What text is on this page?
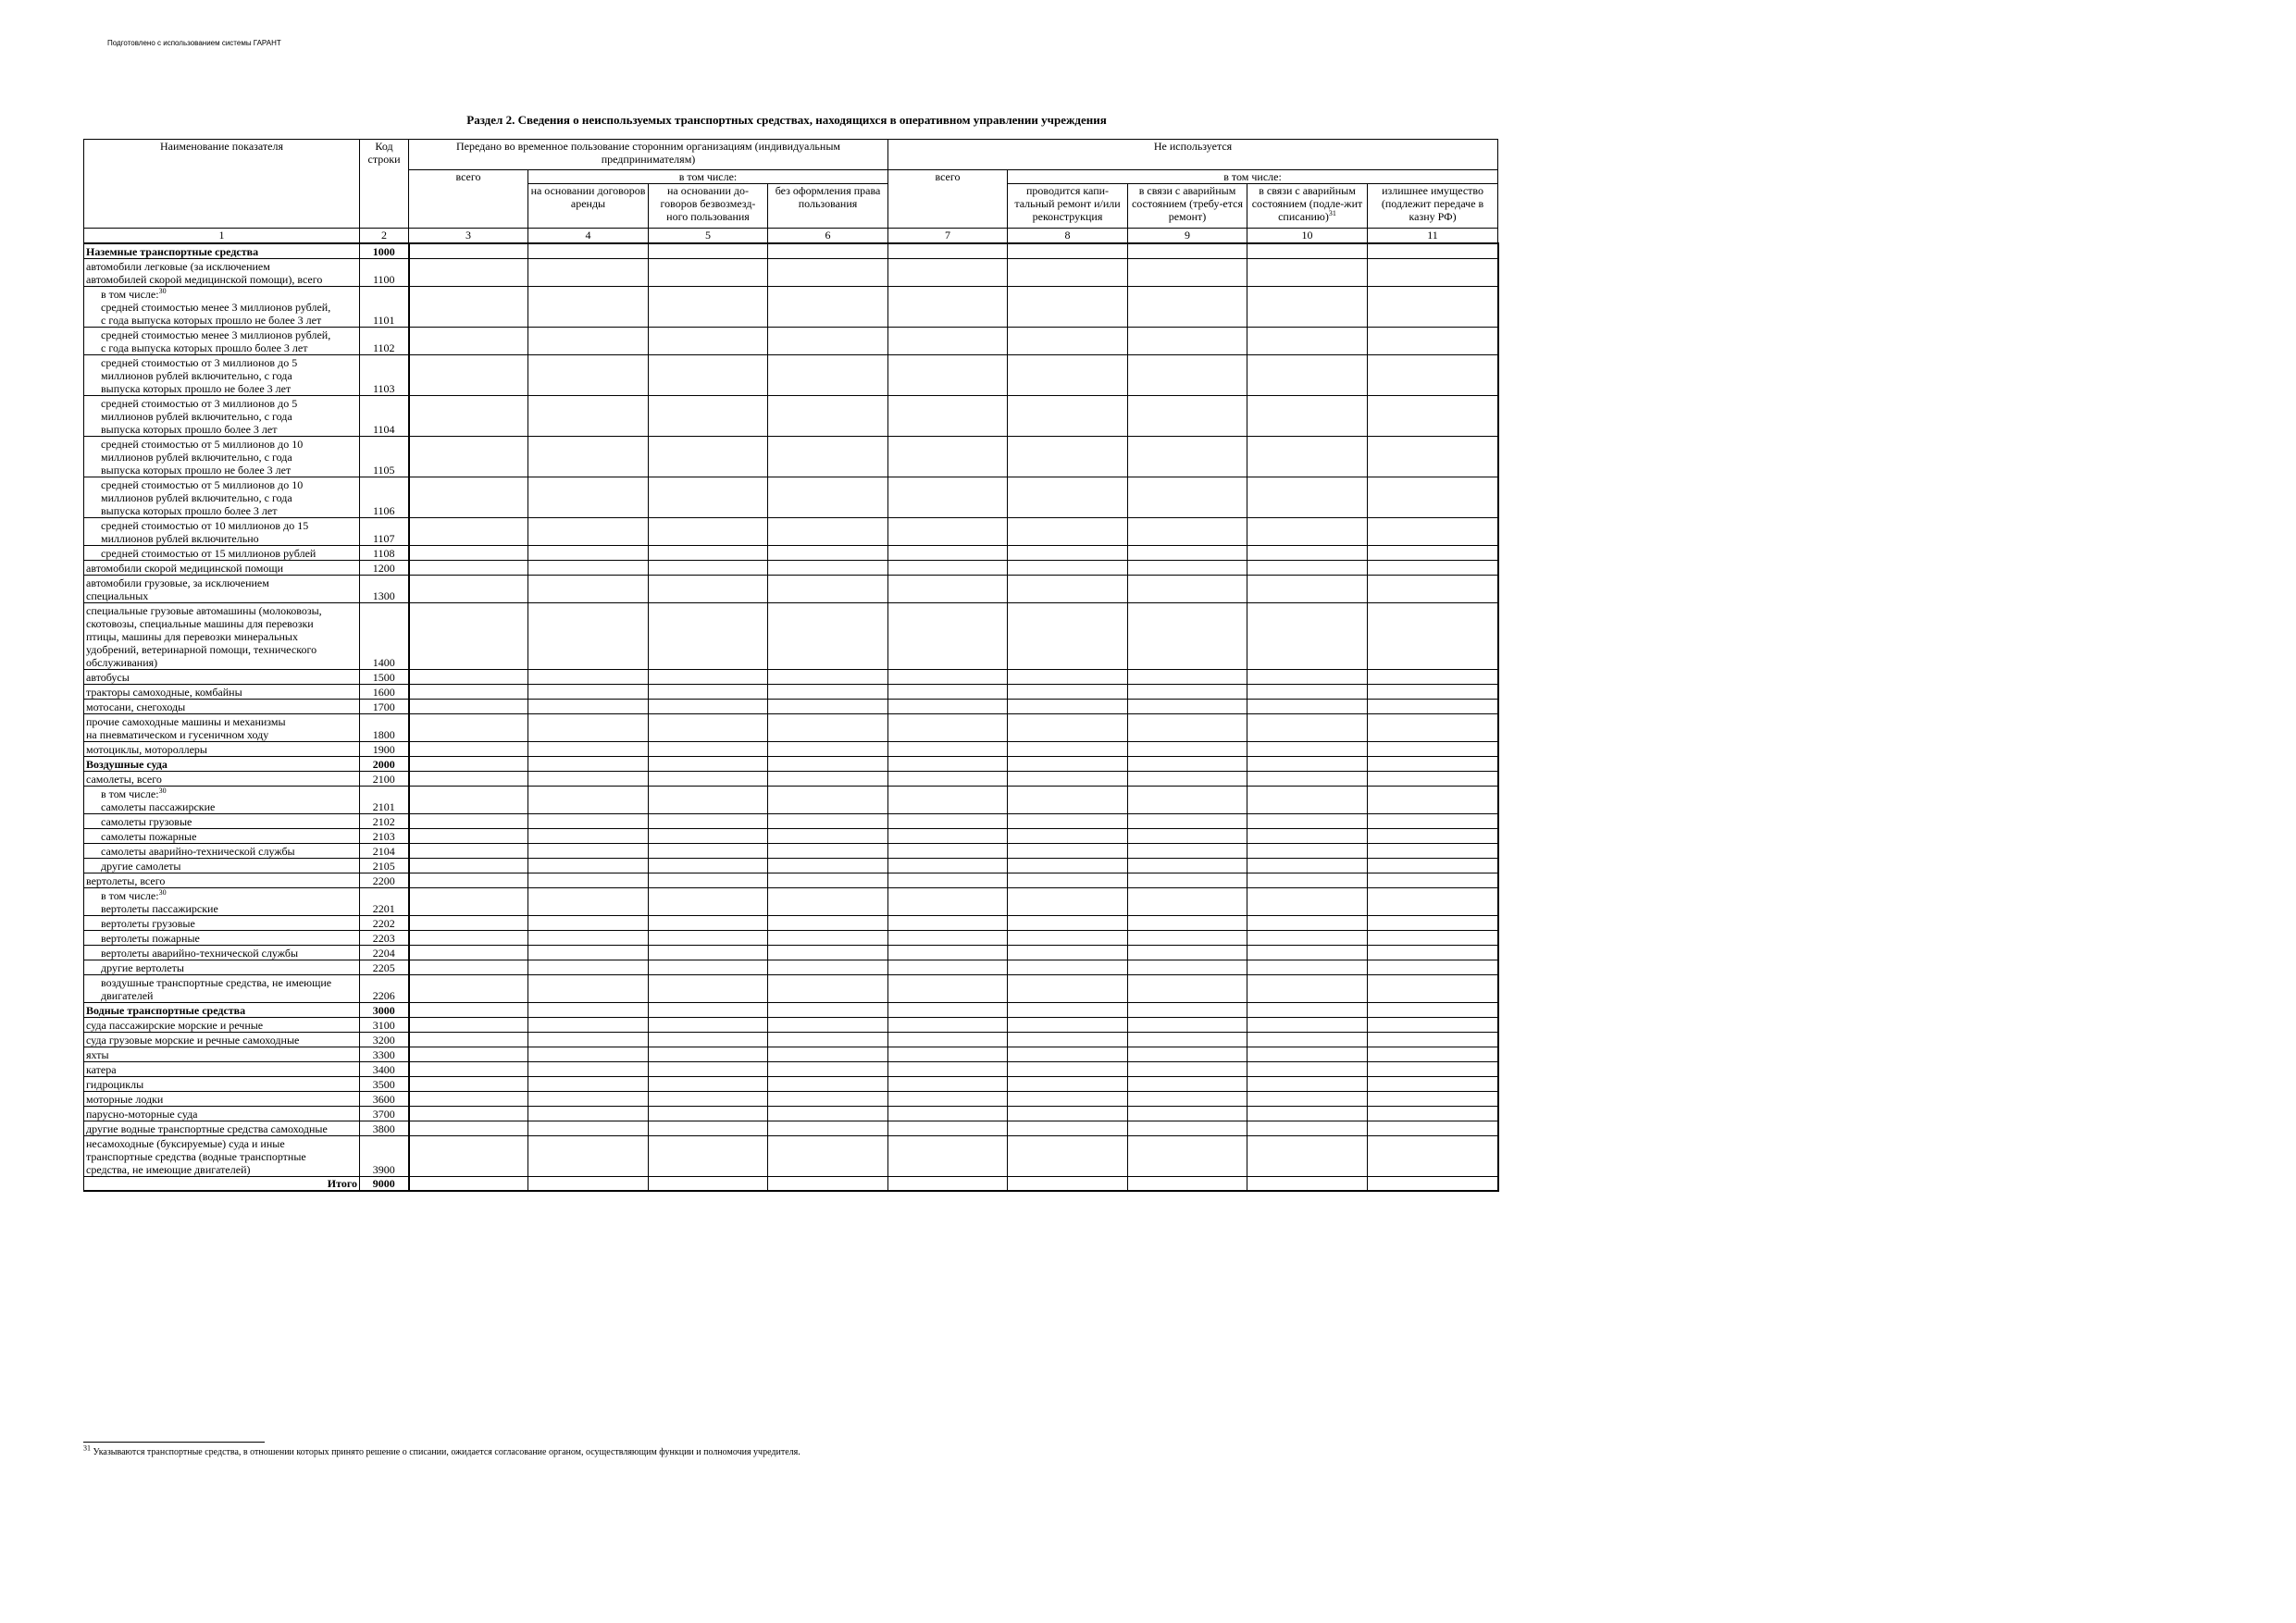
Подготовлено с использованием системы ГАРАНТ
Раздел 2. Сведения о неиспользуемых транспортных средствах, находящихся в оперативном управлении учреждения
Наименование показателя	Код строки	Передано во временное пользование сторонним организациям (индивидуальным предпринимателям)				Не используется				
		всего	в том числе:			всего	в том числе:			
			на основании договоров аренды	на основании до-говоров безвозмезд-ного пользования	без оформления права пользования		проводится капи-тальный ремонт и/или реконструкция	в связи с аварийным состоянием (требу-ется ремонт)	в связи с аварийным состоянием (подле-жит списанию)$^{31}$	излишнее имущество (подлежит передаче в казну РФ)
1	2	3	4	5	6	7	8	9	10	11
Наземные транспортные средства	1000									
автомобили легковые (за исключением
автомобилей скорой медицинской помощи), всего	1100									
в том числе:$^{30}$
средней стоимостью менее 3 миллионов рублей,
с года выпуска которых прошло не более 3 лет	1101									
средней стоимостью менее 3 миллионов рублей,
с года выпуска которых прошло более 3 лет	1102									
средней стоимостью от 3 миллионов до 5
миллионов рублей включительно, с года
выпуска которых прошло не более 3 лет	1103									
средней стоимостью от 3 миллионов до 5
миллионов рублей включительно, с года
выпуска которых прошло более 3 лет	1104									
средней стоимостью от 5 миллионов до 10
миллионов рублей включительно, с года
выпуска которых прошло не более 3 лет	1105									
средней стоимостью от 5 миллионов до 10
миллионов рублей включительно, с года
выпуска которых прошло более 3 лет	1106									
средней стоимостью от 10 миллионов до 15
миллионов рублей включительно	1107									
средней стоимостью от 15 миллионов рублей	1108									
автомобили скорой медицинской помощи	1200									
автомобили грузовые, за исключением
специальных	1300									
специальные грузовые автомашины (молоковозы,
скотовозы, специальные машины для перевозки
птицы, машины для перевозки минеральных
удобрений, ветеринарной помощи, технического
обслуживания)	1400									
автобусы	1500									
тракторы самоходные, комбайны	1600									
мотосани, снегоходы	1700									
прочие самоходные машины и механизмы
на пневматическом и гусеничном ходу	1800									
мотоциклы, мотороллеры	1900									
Воздушные суда	2000									
самолеты, всего	2100									
в том числе:$^{30}$
самолеты пассажирские	2101									
самолеты грузовые	2102									
самолеты пожарные	2103									
самолеты аварийно-технической службы	2104									
другие самолеты	2105									
вертолеты, всего	2200									
в том числе:$^{30}$
вертолеты пассажирские	2201									
вертолеты грузовые	2202									
вертолеты пожарные	2203									
вертолеты аварийно-технической службы	2204									
другие вертолеты	2205									
воздушные транспортные средства, не имеющие
двигателей	2206									
Водные транспортные средства	3000									
суда пассажирские морские и речные	3100									
суда грузовые морские и речные самоходные	3200									
яхты	3300									
катера	3400									
гидроциклы	3500									
моторные лодки	3600									
парусно-моторные суда	3700									
другие водные транспортные средства самоходные	3800									
несамоходные (буксируемые) суда и иные
транспортные средства (водные транспортные
средства, не имеющие двигателей)	3900									
Итого	9000									
$^{31}$ Указываются транспортные средства, в отношении которых принято решение о списании, ожидается согласование органом, осуществляющим функции и полномочия учредителя.
